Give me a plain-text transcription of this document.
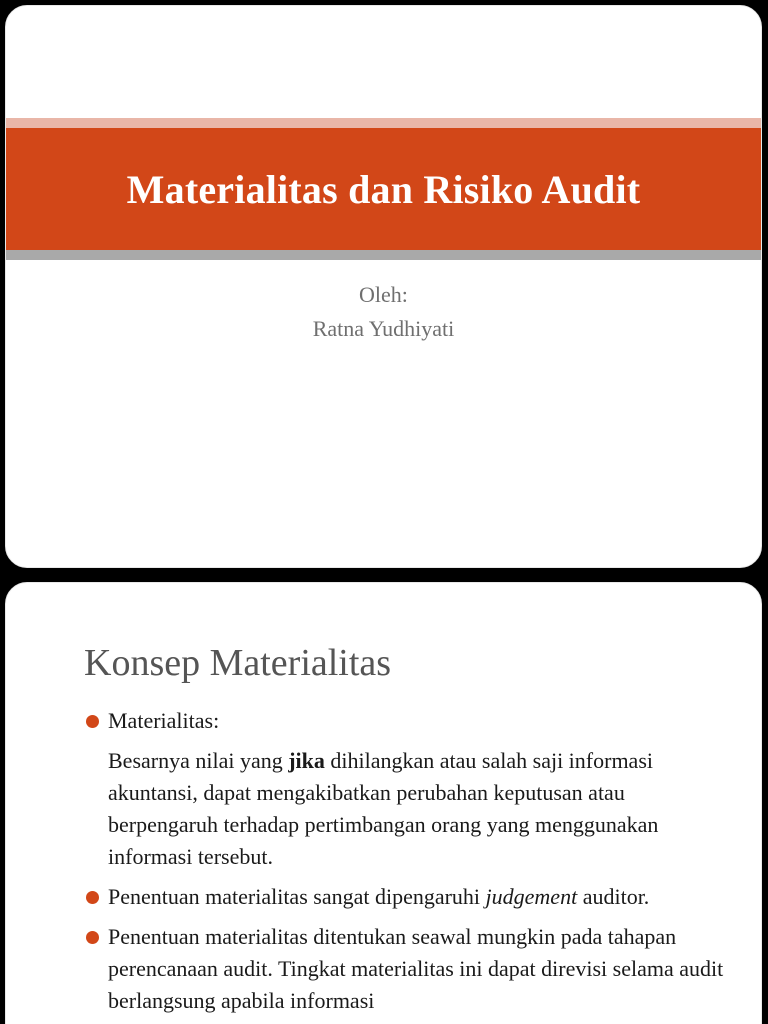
Materialitas dan Risiko Audit
Oleh:
Ratna Yudhiyati
Konsep Materialitas
Materialitas:
Besarnya nilai yang jika dihilangkan atau salah saji informasi akuntansi, dapat mengakibatkan perubahan keputusan atau berpengaruh terhadap pertimbangan orang yang menggunakan informasi tersebut.
Penentuan materialitas sangat dipengaruhi judgement auditor.
Penentuan materialitas ditentukan seawal mungkin pada tahapan perencanaan audit. Tingkat materialitas ini dapat direvisi selama audit berlangsung apabila informasi
